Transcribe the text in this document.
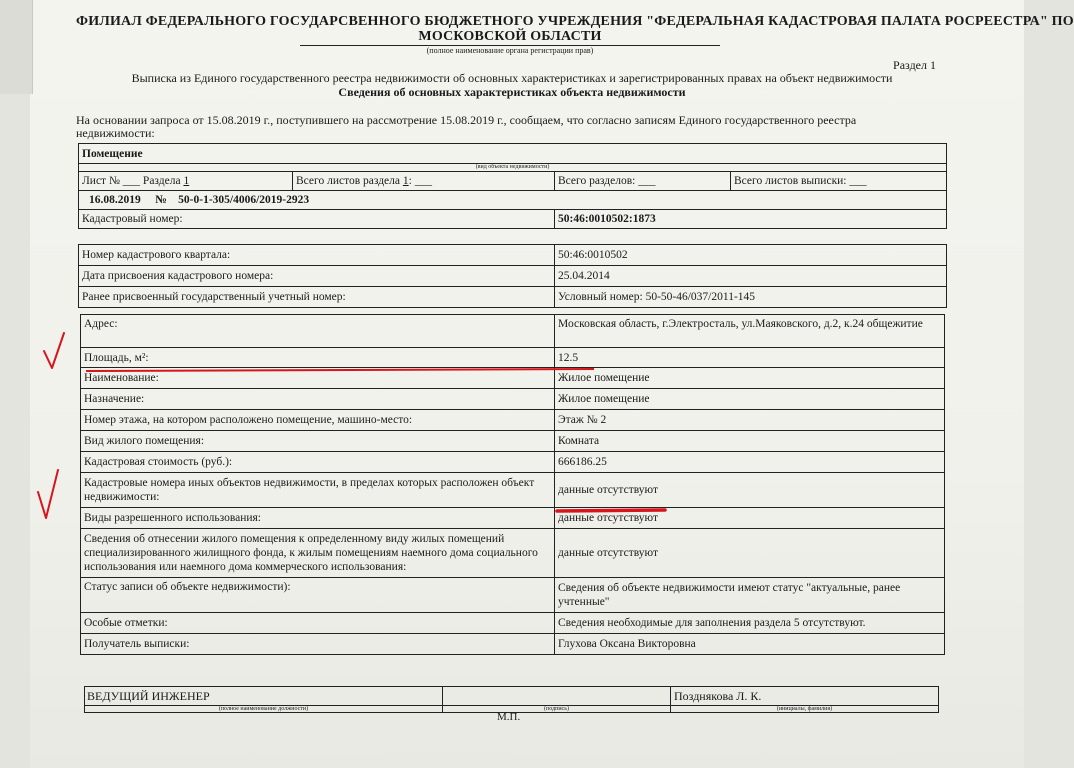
ФИЛИАЛ ФЕДЕРАЛЬНОГО ГОСУДАРСВЕННОГО БЮДЖЕТНОГО УЧРЕЖДЕНИЯ "ФЕДЕРАЛЬНАЯ КАДАСТРОВАЯ ПАЛАТА РОСРЕЕСТРА" ПО
МОСКОВСКОЙ ОБЛАСТИ
(полное наименование органа регистрации прав)
Раздел 1
Выписка из Единого государственного реестра недвижимости об основных характеристиках и зарегистрированных правах на объект недвижимости
Сведения об основных характеристиках объекта недвижимости
На основании запроса от 15.08.2019 г., поступившего на рассмотрение 15.08.2019 г., сообщаем, что согласно записям Единого государственного реестра
недвижимости:
Помещение			
(вид объекта недвижимости)			
Лист № ___ Раздела 1	Всего листов раздела 1: ___	Всего разделов: ___	Всего листов выписки: ___
16.08.2019     №    50-0-1-305/4006/2019-2923			
Кадастровый номер:		50:46:0010502:1873	
Номер кадастрового квартала:	50:46:0010502
Дата присвоения кадастрового номера:	25.04.2014
Ранее присвоенный государственный учетный номер:	Условный номер: 50-50-46/037/2011-145
Адрес:	Московская область, г.Электросталь, ул.Маяковского, д.2, к.24 общежитие
Площадь, м²:	12.5
Наименование:	Жилое помещение
Назначение:	Жилое помещение
Номер этажа, на котором расположено помещение, машино-место:	Этаж № 2
Вид жилого помещения:	Комната
Кадастровая стоимость (руб.):	666186.25
Кадастровые номера иных объектов недвижимости, в пределах которых расположен объект недвижимости:	данные отсутствуют
Виды разрешенного использования:	данные отсутствуют
Сведения об отнесении жилого помещения к определенному виду жилых помещений специализированного жилищного фонда, к жилым помещениям наемного дома социального использования или наемного дома коммерческого использования:	данные отсутствуют
Статус записи об объекте недвижимости):	Сведения об объекте недвижимости имеют статус "актуальные, ранее учтенные"
Особые отметки:	Сведения необходимые для заполнения раздела 5 отсутствуют.
Получатель выписки:	Глухова Оксана Викторовна
ВЕДУЩИЙ ИНЖЕНЕР		Позднякова Л. К.
(полное наименование должности)	(подпись)	(инициалы, фамилия)
М.П.
